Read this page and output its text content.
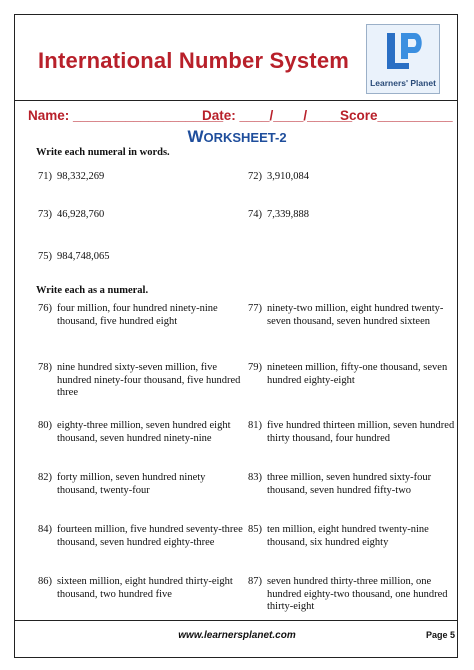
International Number System
Learners' Planet
Name: ____________________
Date: ____/____/______
Score__________
WORKSHEET-2
Write each numeral in words.
71) 98,332,269	72) 3,910,084
73) 46,928,760	74) 7,339,888
75) 984,748,065
Write each as a numeral.
76) four million, four hundred ninety-nine thousand, five hundred eight
77) ninety-two million, eight hundred twenty-seven thousand, seven hundred sixteen
78) nine hundred sixty-seven million, five hundred ninety-four thousand, five hundred three
79) nineteen million, fifty-one thousand, seven hundred eighty-eight
80) eighty-three million, seven hundred eight thousand, seven hundred ninety-nine
81) five hundred thirteen million, seven hundred thirty thousand, four hundred
82) forty million, seven hundred ninety thousand, twenty-four
83) three million, seven hundred sixty-four thousand, seven hundred fifty-two
84) fourteen million, five hundred seventy-three thousand, seven hundred eighty-three
85) ten million, eight hundred twenty-nine thousand, six hundred eighty
86) sixteen million, eight hundred thirty-eight thousand, two hundred five
87) seven hundred thirty-three million, one hundred eighty-two thousand, one hundred thirty-eight
www.learnersplanet.com	Page 5
